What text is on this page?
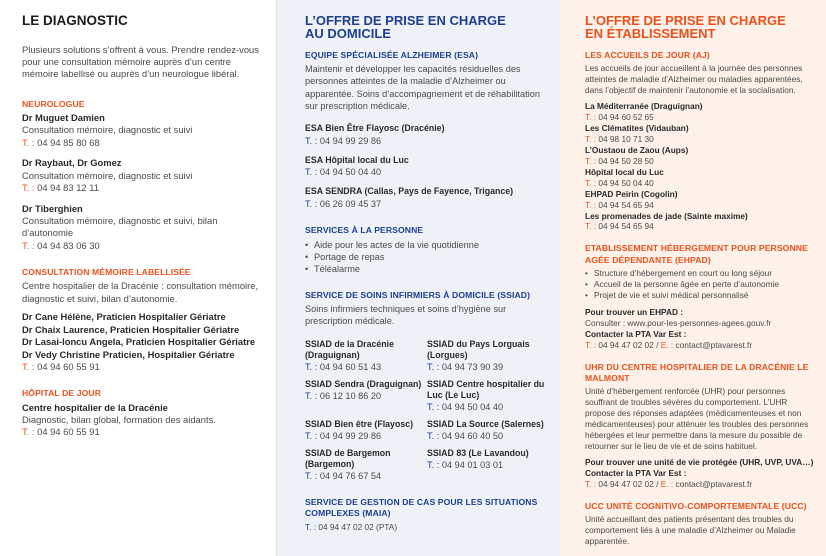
LE DIAGNOSTIC
Plusieurs solutions s’offrent à vous. Prendre rendez-vous pour une consultation mémoire auprès d’un centre mémoire labellisé ou auprès d’un neurologue libéral.
NEUROLOGUE
Dr Muguet Damien
Consultation mémoire, diagnostic et suivi
T. : 04 94 85 80 68
Dr Raybaut, Dr Gomez
Consultation mémoire, diagnostic et suivi
T. : 04 94 83 12 11
Dr Tiberghien
Consultation mémoire, diagnostic et suivi, bilan d’autonomie
T. : 04 94 83 06 30
CONSULTATION MÉMOIRE LABELLISÉE
Centre hospitalier de la Dracénie : consultation mémoire, diagnostic et suivi, bilan d’autonomie.
Dr Cane Hélène, Praticien Hospitalier Gériatre
Dr Chaix Laurence, Praticien Hospitalier Gériatre
Dr Lasai-Ioncu Angela, Praticien Hospitalier Gériatre
Dr Vedy Christine Praticien, Hospitalier Gériatre
T. : 04 94 60 55 91
HÔPITAL DE JOUR
Centre hospitalier de la Dracénie
Diagnostic, bilan global, formation des aidants.
T. : 04 94 60 55 91
L’OFFRE DE PRISE EN CHARGE
AU DOMICILE
EQUIPE SPÉCIALISÉE ALZHEIMER (ESA)
Maintenir et développer les capacités résiduelles des personnes atteintes de la maladie d’Alzheimer ou apparentée. Soins d’accompagnement et de réhabilitation sur prescription médicale.
ESA Bien Être Flayosc (Dracénie)
T. : 04 94 99 29 86
ESA Hôpital local du Luc
T. : 04 94 50 04 40
ESA SENDRA (Callas, Pays de Fayence, Trigance)
T. : 06 26 09 45 37
SERVICES À LA PERSONNE
• Aide pour les actes de la vie quotidienne
• Portage de repas
• Téléalarme
SERVICE DE SOINS INFIRMIERS À DOMICILE (SSIAD)
Soins infirmiers techniques et soins d’hygiène sur prescription médicale.
SSIAD de la Dracénie (Draguignan)
T. : 04 94 60 51 43
SSIAD du Pays Lorguais (Lorgues)
T. : 04 94 73 90 39
SSIAD Sendra (Draguignan)
T. : 06 12 10 86 20
SSIAD Centre hospitalier du Luc (Le Luc)
T. : 04 94 50 04 40
SSIAD Bien être (Flayosc)
T. : 04 94 99 29 86
SSIAD La Source (Salernes)
T. : 04 94 60 40 50
SSIAD de Bargemon (Bargemon)
T. : 04 94 76 67 54
SSIAD 83 (Le Lavandou)
T. : 04 94 01 03 01
SERVICE DE GESTION DE CAS POUR LES SITUATIONS COMPLEXES (MAIA)
T. : 04 94 47 02 02 (PTA)
L’OFFRE DE PRISE EN CHARGE
EN ÉTABLISSEMENT
LES ACCUEILS DE JOUR (AJ)
Les accueils de jour accueillent à la journée des personnes atteintes de maladie d’Alzheimer ou maladies apparentées, dans l’objectif de maintenir l’autonomie et la socialisation.
La Méditerranée (Draguignan)
T. : 04 94 60 52 65
Les Clématites (Vidauban)
T. : 04 98 10 71 30
L’Oustaou de Zaou (Aups)
T. : 04 94 50 28 50
Hôpital local du Luc
T. : 04 94 50 04 40
EHPAD Peirin (Cogolin)
T. : 04 94 54 65 94
Les promenades de jade (Sainte maxime)
T. : 04 94 54 65 94
ETABLISSEMENT HÉBERGEMENT POUR PERSONNE AGÉE DÉPENDANTE (EHPAD)
• Structure d’hébergement en court ou long séjour
• Accueil de la personne âgée en perte d’autonomie
• Projet de vie et suivi médical personnalisé
Pour trouver un EHPAD :
Consulter : www.pour-les-personnes-agees.gouv.fr
Contacter la PTA Var Est :
T. : 04 94 47 02 02 / E. : contact@ptavarest.fr
UHR DU CENTRE HOSPITALIER DE LA DRACÉNIE LE MALMONT
Unité d’hébergement renforcée (UHR) pour personnes souffrant de troubles sévères du comportement. L’UHR propose des réponses adaptées (médicamenteuses et non médicamenteuses) pour atténuer les troubles des personnes hébergées et leur permettre dans la mesure du possible de retourner sur le lieu de vie et de soins habituel.
Pour trouver une unité de vie protégée (UHR, UVP, UVA…)
Contacter la PTA Var Est :
T. : 04 94 47 02 02 / E. : contact@ptavarest.fr
UCC UNITÉ COGNITIVO-COMPORTEMENTALE (UCC)
Unité accueillant des patients présentant des troubles du comportement liés à une maladie d’Alzheimer ou Maladie apparentée.
